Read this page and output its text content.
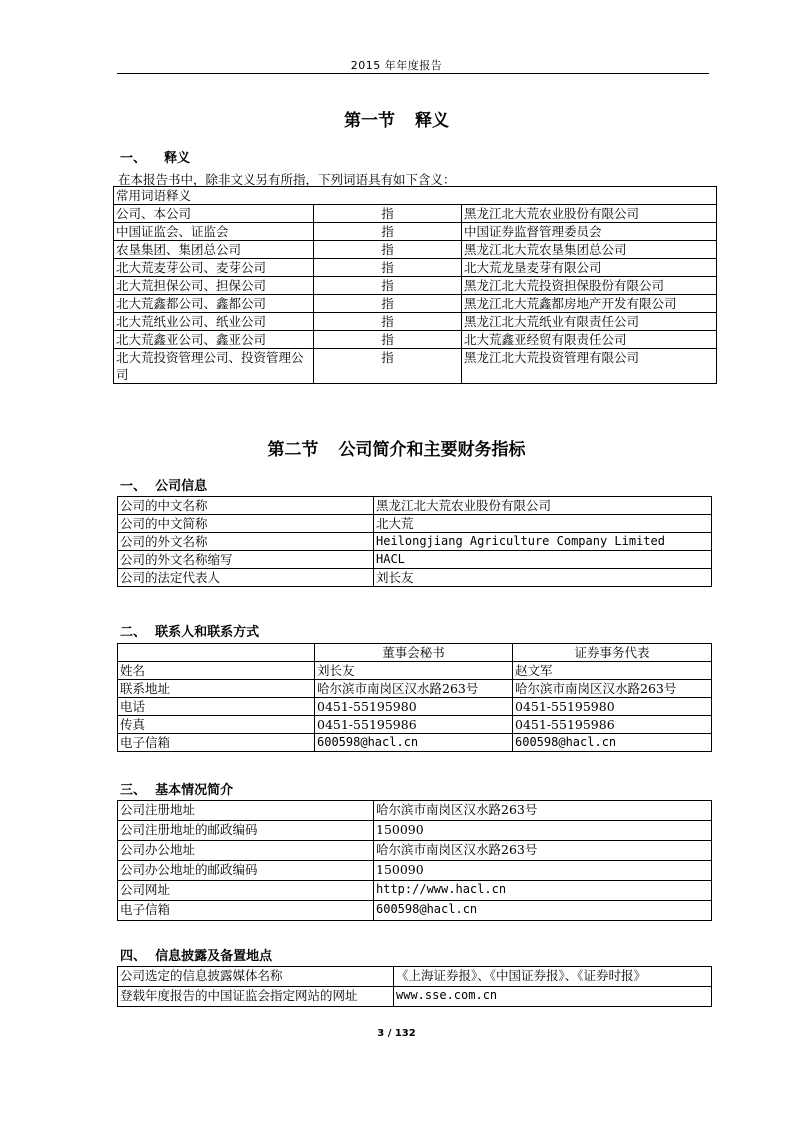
2015 年年度报告
第一节 释义
一、 释义
在本报告书中，除非文义另有所指，下列词语具有如下含义：
常用词语释义		
公司、本公司	指	黑龙江北大荒农业股份有限公司
中国证监会、证监会	指	中国证券监督管理委员会
农垦集团、集团总公司	指	黑龙江北大荒农垦集团总公司
北大荒麦芽公司、麦芽公司	指	北大荒龙垦麦芽有限公司
北大荒担保公司、担保公司	指	黑龙江北大荒投资担保股份有限公司
北大荒鑫都公司、鑫都公司	指	黑龙江北大荒鑫都房地产开发有限公司
北大荒纸业公司、纸业公司	指	黑龙江北大荒纸业有限责任公司
北大荒鑫亚公司、鑫亚公司	指	北大荒鑫亚经贸有限责任公司
北大荒投资管理公司、投资管理公司	指	黑龙江北大荒投资管理有限公司
第二节 公司简介和主要财务指标
一、 公司信息
公司的中文名称	黑龙江北大荒农业股份有限公司
公司的中文简称	北大荒
公司的外文名称	Heilongjiang Agriculture Company Limited
公司的外文名称缩写	HACL
公司的法定代表人	刘长友
二、 联系人和联系方式
	董事会秘书	证券事务代表
姓名	刘长友	赵文军
联系地址	哈尔滨市南岗区汉水路263号	哈尔滨市南岗区汉水路263号
电话	0451-55195980	0451-55195980
传真	0451-55195986	0451-55195986
电子信箱	600598@hacl.cn	600598@hacl.cn
三、 基本情况简介
公司注册地址	哈尔滨市南岗区汉水路263号
公司注册地址的邮政编码	150090
公司办公地址	哈尔滨市南岗区汉水路263号
公司办公地址的邮政编码	150090
公司网址	http://www.hacl.cn
电子信箱	600598@hacl.cn
四、 信息披露及备置地点
公司选定的信息披露媒体名称	《上海证券报》、《中国证券报》、《证券时报》
登载年度报告的中国证监会指定网站的网址	www.sse.com.cn
3 / 132
